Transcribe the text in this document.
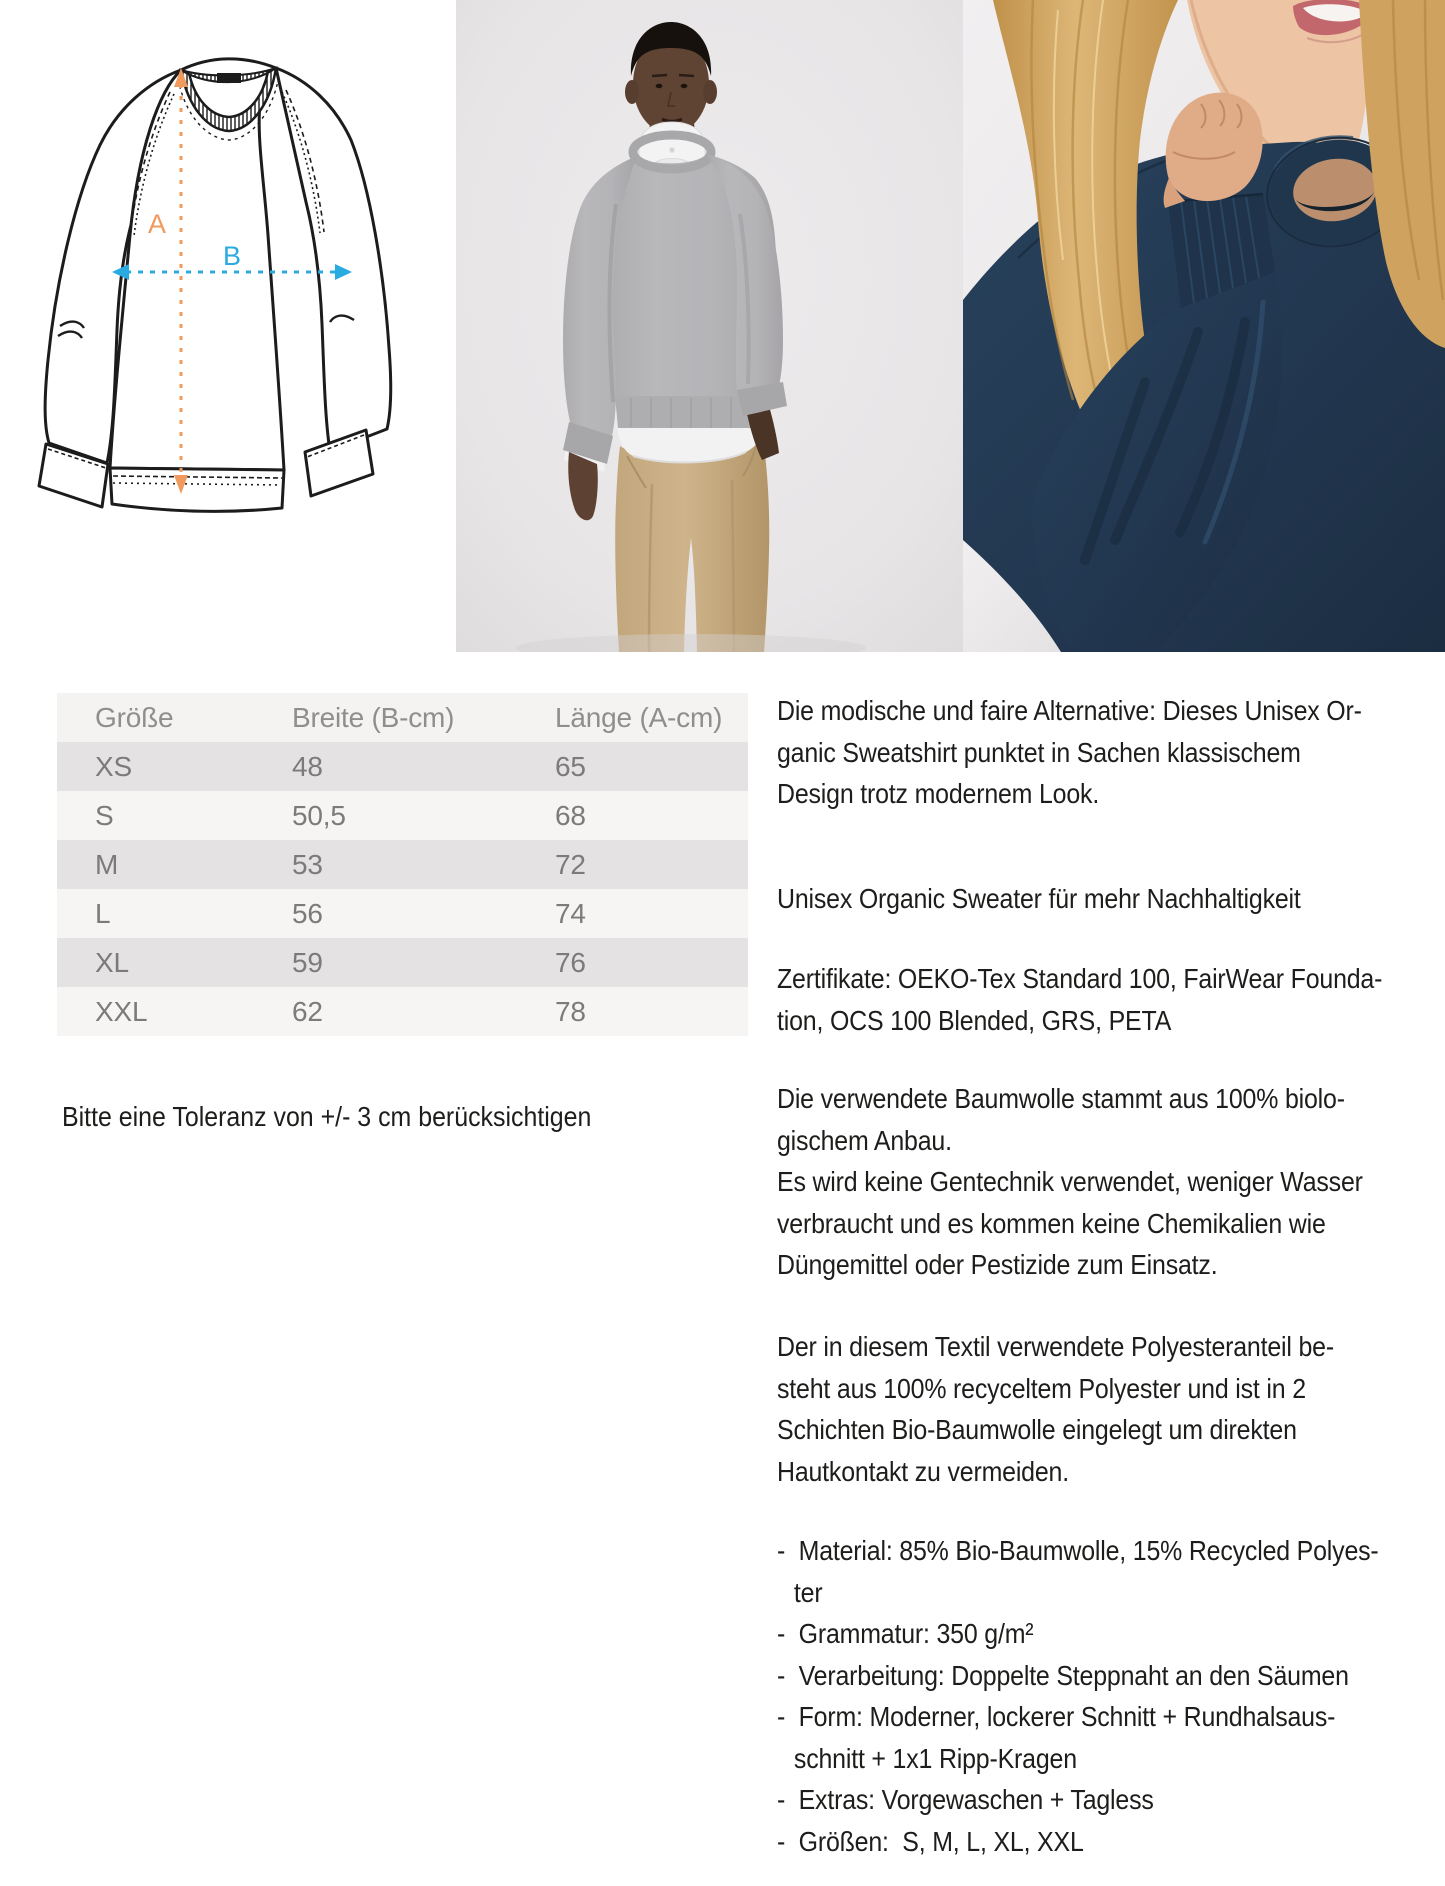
A
B
Größe	Breite (B-cm)	Länge (A-cm)
XS	48	65
S	50,5	68
M	53	72
L	56	74
XL	59	76
XXL	62	78
Bitte eine Toleranz von +/- 3 cm berücksichtigen
Die modische und faire Alternative: Dieses Unisex Or-
ganic Sweatshirt punktet in Sachen klassischem
Design trotz modernem Look.
Unisex Organic Sweater für mehr Nachhaltigkeit
Zertifikate: OEKO-Tex Standard 100, FairWear Founda-
tion, OCS 100 Blended, GRS, PETA
Die verwendete Baumwolle stammt aus 100% biolo-
gischem Anbau.
Es wird keine Gentechnik verwendet, weniger Wasser
verbraucht und es kommen keine Chemikalien wie
Düngemittel oder Pestizide zum Einsatz.
Der in diesem Textil verwendete Polyesteranteil be-
steht aus 100% recyceltem Polyester und ist in 2
Schichten Bio-Baumwolle eingelegt um direkten
Hautkontakt zu vermeiden.
-  Material: 85% Bio-Baumwolle, 15% Recycled Polyes-
ter
-  Grammatur: 350 g/m²
-  Verarbeitung: Doppelte Steppnaht an den Säumen
-  Form: Moderner, lockerer Schnitt + Rundhalsaus-
schnitt + 1x1 Ripp-Kragen
-  Extras: Vorgewaschen + Tagless
-  Größen:  S, M, L, XL, XXL
